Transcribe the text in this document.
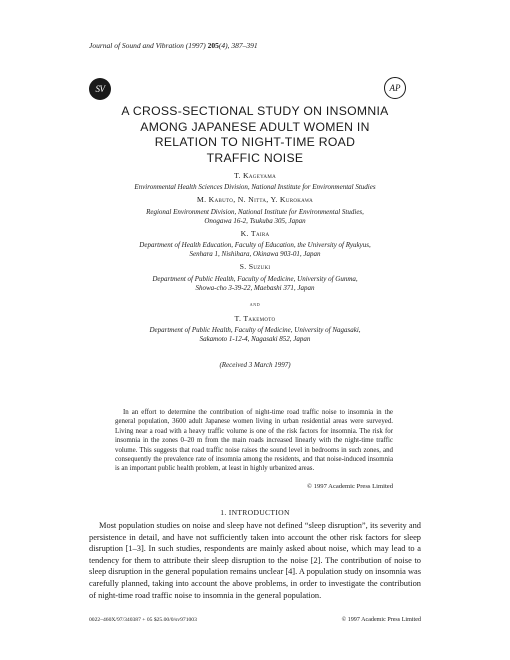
Journal of Sound and Vibration (1997) 205(4), 387–391
SV	AP
A CROSS-SECTIONAL STUDY ON INSOMNIA
AMONG JAPANESE ADULT WOMEN IN
RELATION TO NIGHT-TIME ROAD
TRAFFIC NOISE
T. Kageyama
Environmental Health Sciences Division, National Institute for Environmental Studies
M. Kabuto, N. Nitta, Y. Kurokawa
Regional Environment Division, National Institute for Environmental Studies,
Onogawa 16-2, Tsukuba 305, Japan
K. Taira
Department of Health Education, Faculty of Education, the University of Ryukyus,
Senhara 1, Nishihara, Okinawa 903-01, Japan
S. Suzuki
Department of Public Health, Faculty of Medicine, University of Gunma,
Showa-cho 3-39-22, Maebashi 371, Japan
and
T. Takemoto
Department of Public Health, Faculty of Medicine, University of Nagasaki,
Sakamoto 1-12-4, Nagasaki 852, Japan
(Received 3 March 1997)
In an effort to determine the contribution of night-time road traffic noise to insomnia in the general population, 3600 adult Japanese women living in urban residential areas were surveyed. Living near a road with a heavy traffic volume is one of the risk factors for insomnia. The risk for insomnia in the zones 0–20 m from the main roads increased linearly with the night-time traffic volume. This suggests that road traffic noise raises the sound level in bedrooms in such zones, and consequently the prevalence rate of insomnia among the residents, and that noise-induced insomnia is an important public health problem, at least in highly urbanized areas.
© 1997 Academic Press Limited
1. INTRODUCTION
Most population studies on noise and sleep have not defined “sleep disruption”, its severity and persistence in detail, and have not sufficiently taken into account the other risk factors for sleep disruption [1–3]. In such studies, respondents are mainly asked about noise, which may lead to a tendency for them to attribute their sleep disruption to the noise [2]. The contribution of noise to sleep disruption in the general population remains unclear [4]. A population study on insomnia was carefully planned, taking into account the above problems, in order to investigate the contribution of night-time road traffic noise to insomnia in the general population.
0022–460X/97/340387 + 05 $25.00/0/sv971003	© 1997 Academic Press Limited
